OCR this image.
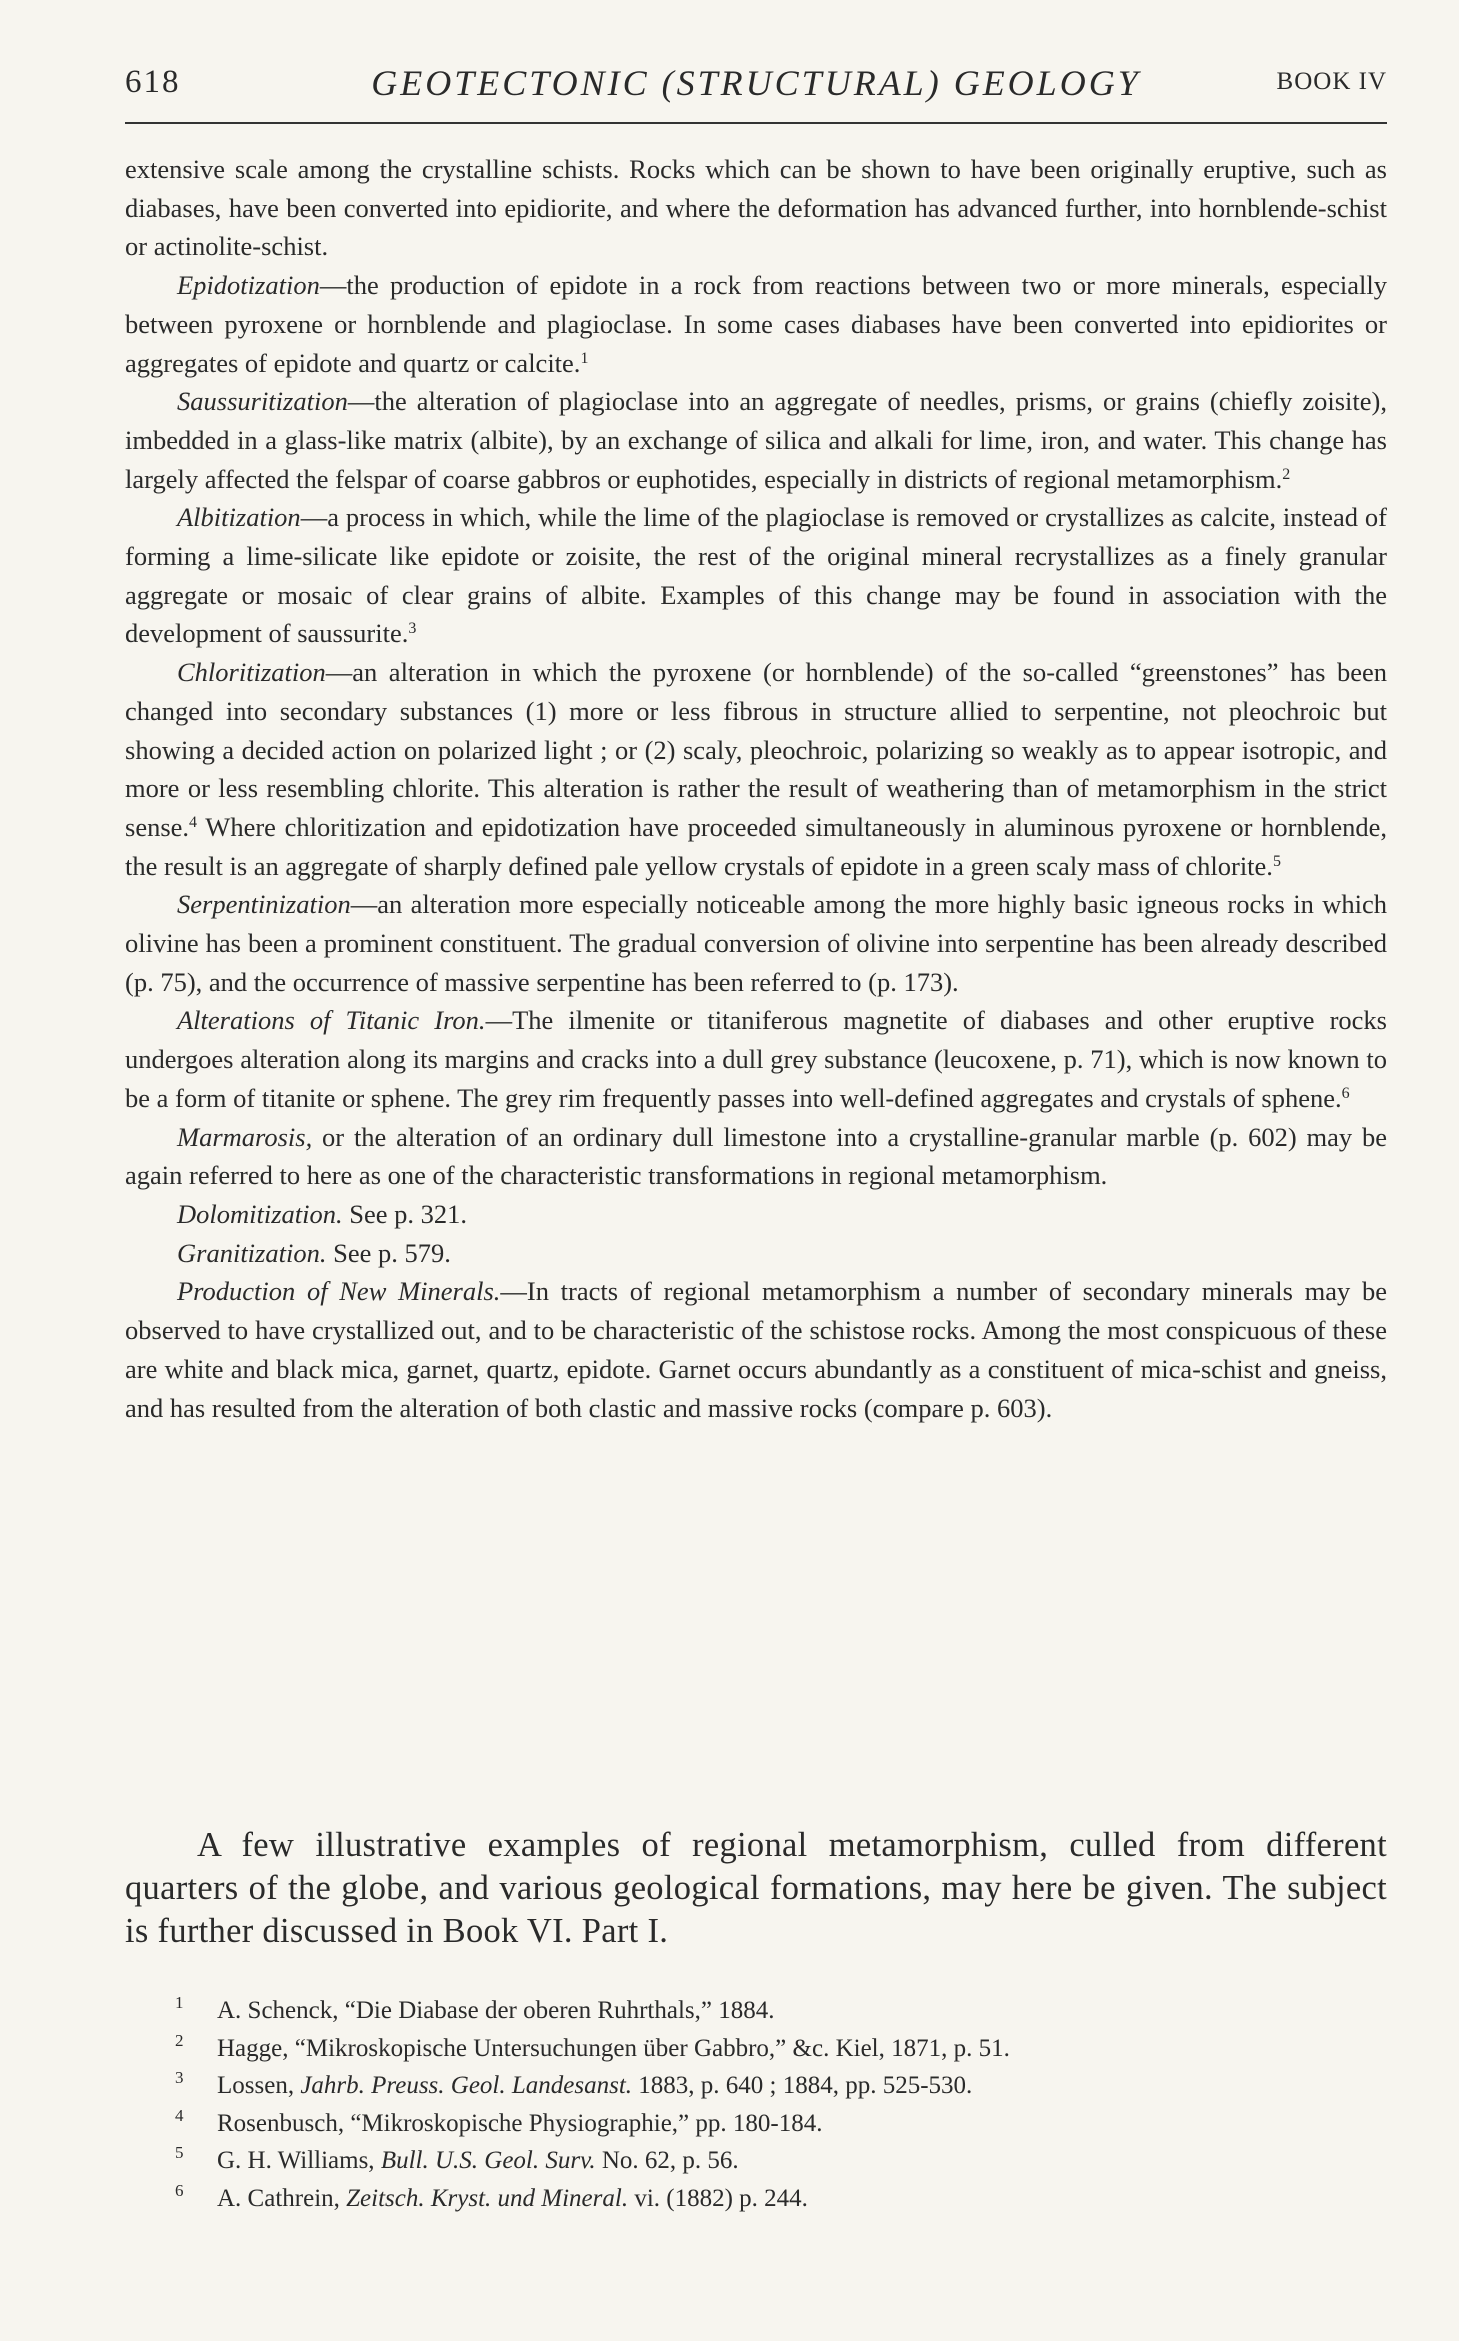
618	GEOTECTONIC (STRUCTURAL) GEOLOGY	BOOK IV

extensive scale among the crystalline schists. Rocks which can be shown to have been originally eruptive, such as diabases, have been converted into epidiorite, and where the deformation has advanced further, into hornblende-schist or actinolite-schist.

Epidotization—the production of epidote in a rock from reactions between two or more minerals, especially between pyroxene or hornblende and plagioclase. In some cases diabases have been converted into epidiorites or aggregates of epidote and quartz or calcite.$^1$

Saussuritization—the alteration of plagioclase into an aggregate of needles, prisms, or grains (chiefly zoisite), imbedded in a glass-like matrix (albite), by an exchange of silica and alkali for lime, iron, and water. This change has largely affected the felspar of coarse gabbros or euphotides, especially in districts of regional metamorphism.$^2$

Albitization—a process in which, while the lime of the plagioclase is removed or crystallizes as calcite, instead of forming a lime-silicate like epidote or zoisite, the rest of the original mineral recrystallizes as a finely granular aggregate or mosaic of clear grains of albite. Examples of this change may be found in association with the development of saussurite.$^3$

Chloritization—an alteration in which the pyroxene (or hornblende) of the so-called “greenstones” has been changed into secondary substances (1) more or less fibrous in structure allied to serpentine, not pleochroic but showing a decided action on polarized light ; or (2) scaly, pleochroic, polarizing so weakly as to appear isotropic, and more or less resembling chlorite. This alteration is rather the result of weathering than of metamorphism in the strict sense.$^4$ Where chloritization and epidotization have proceeded simultaneously in aluminous pyroxene or hornblende, the result is an aggregate of sharply defined pale yellow crystals of epidote in a green scaly mass of chlorite.$^5$

Serpentinization—an alteration more especially noticeable among the more highly basic igneous rocks in which olivine has been a prominent constituent. The gradual conversion of olivine into serpentine has been already described (p. 75), and the occurrence of massive serpentine has been referred to (p. 173).

Alterations of Titanic Iron.—The ilmenite or titaniferous magnetite of diabases and other eruptive rocks undergoes alteration along its margins and cracks into a dull grey substance (leucoxene, p. 71), which is now known to be a form of titanite or sphene. The grey rim frequently passes into well-defined aggregates and crystals of sphene.$^6$

Marmarosis, or the alteration of an ordinary dull limestone into a crystalline-granular marble (p. 602) may be again referred to here as one of the characteristic transformations in regional metamorphism.

Dolomitization. See p. 321.

Granitization. See p. 579.

Production of New Minerals.—In tracts of regional metamorphism a number of secondary minerals may be observed to have crystallized out, and to be characteristic of the schistose rocks. Among the most conspicuous of these are white and black mica, garnet, quartz, epidote. Garnet occurs abundantly as a constituent of mica-schist and gneiss, and has resulted from the alteration of both clastic and massive rocks (compare p. 603).

A few illustrative examples of regional metamorphism, culled from different quarters of the globe, and various geological formations, may here be given. The subject is further discussed in Book VI. Part I.

1	A. Schenck, “Die Diabase der oberen Ruhrthals,” 1884.
2	Hagge, “Mikroskopische Untersuchungen über Gabbro,” &c. Kiel, 1871, p. 51.
3	Lossen, Jahrb. Preuss. Geol. Landesanst. 1883, p. 640 ; 1884, pp. 525-530.
4	Rosenbusch, “Mikroskopische Physiographie,” pp. 180-184.
5	G. H. Williams, Bull. U.S. Geol. Surv. No. 62, p. 56.
6	A. Cathrein, Zeitsch. Kryst. und Mineral. vi. (1882) p. 244.
